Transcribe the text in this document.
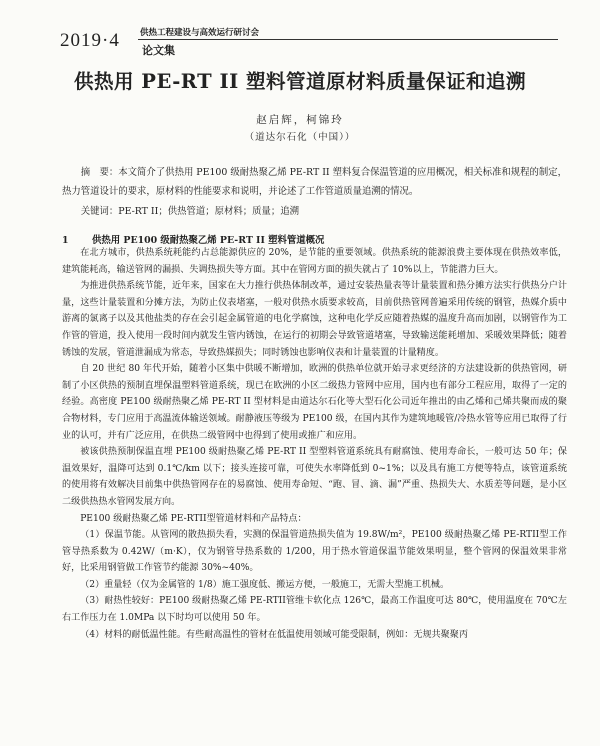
2019·4 供热工程建设与高效运行研讨会
论文集
供热用 PE-RT II 塑料管道原材料质量保证和追溯
赵启辉，柯锦玲
（道达尔石化（中国））
摘　要：本文简介了供热用 PE100 级耐热聚乙烯 PE-RT II 塑料复合保温管道的应用概况，相关标准和规程的制定，热力管道设计的要求，原材料的性能要求和说明，并论述了工作管道质量追溯的情况。
关键词：PE-RT II；供热管道；原材料；质量；追溯
1 供热用 PE100 级耐热聚乙烯 PE-RT II 塑料管道概况

在北方城市，供热系统耗能约占总能源供应的 20%，是节能的重要领域。供热系统的能源浪费主要体现在供热效率低，建筑能耗高，输送管网的漏损、失调热损失等方面。其中在管网方面的损失就占了 10%以上，节能潜力巨大。

为推进供热系统节能，近年来，国家在大力推行供热体制改革，通过安装热量表等计量装置和热分摊方法实行供热分户计量，这些计量装置和分摊方法，为防止仪表堵塞，一般对供热水质要求较高，目前供热管网普遍采用传统的钢管，热媒介质中游离的氯离子以及其他盐类的存在会引起金属管道的电化学腐蚀，这种电化学反应随着热媒的温度升高而加剧，以钢管作为工作管的管道，投入使用一段时间内就发生管内锈蚀，在运行的初期会导致管道堵塞，导致输送能耗增加、采暖效果降低；随着锈蚀的发展，管道泄漏成为常态，导致热媒损失；同时锈蚀也影响仪表和计量装置的计量精度。

自 20 世纪 80 年代开始，随着小区集中供暖不断增加，欧洲的供热单位就开始寻求更经济的方法建设新的供热管网，研制了小区供热的预制直埋保温塑料管道系统，现已在欧洲的小区二级热力管网中应用，国内也有部分工程应用，取得了一定的经验。高密度 PE100 级耐热聚乙烯 PE-RT II 型材料是由道达尔石化等大型石化公司近年推出的由乙烯和己烯共聚而成的聚合物材料，专门应用于高温流体输送领域。耐静液压等级为 PE100 级，在国内其作为建筑地暖管/冷热水管等应用已取得了行业的认可，并有广泛应用，在供热二级管网中也得到了使用或推广和应用。

被该供热预制保温直埋 PE100 级耐热聚乙烯 PE-RT II 型塑料管道系统具有耐腐蚀、使用寿命长，一般可达 50 年；保温效果好，温降可达到 0.1℃/km 以下；接头连接可靠，可使失水率降低到 0~1%；以及具有施工方便等特点，该管道系统的使用将有效解决目前集中供热管网存在的易腐蚀、使用寿命短、“跑、冒、滴、漏”严重、热损失大、水质差等问题，是小区二级供热热水管网发展方向。

PE100 级耐热聚乙烯 PE-RTII型管道材料和产品特点：

（1）保温节能。从管网的散热损失看，实测的保温管道热损失值为 19.8W/m²，PE100 级耐热聚乙烯 PE-RTII型工作管导热系数为 0.42W/（m·K），仅为钢管导热系数的 1/200，用于热水管道保温节能效果明显，整个管网的保温效果非常好，比采用钢管做工作管节约能源 30%~40%。

（2）重量轻（仅为金属管的 1/8）施工强度低、搬运方便，一般施工，无需大型施工机械。

（3）耐热性较好：PE100 级耐热聚乙烯 PE-RTII管维卡软化点 126℃，最高工作温度可达 80℃，使用温度在 70℃左右工作压力在 1.0MPa 以下时均可以使用 50 年。

（4）材料的耐低温性能。有些耐高温性的管材在低温使用领域可能受限制，例如：无规共聚聚丙
